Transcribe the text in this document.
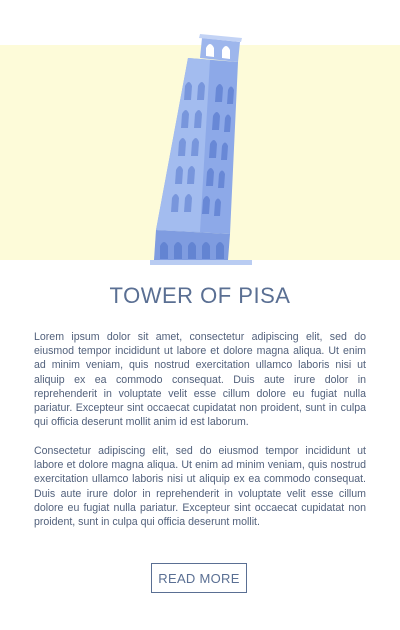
TOWER OF PISA

Lorem ipsum dolor sit amet, consectetur adipiscing elit, sed do eiusmod tempor incididunt ut labore et dolore magna aliqua. Ut enim ad minim veniam, quis nostrud exercitation ullamco laboris nisi ut aliquip ex ea commodo consequat. Duis aute irure dolor in reprehenderit in voluptate velit esse cillum dolore eu fugiat nulla pariatur. Excepteur sint occaecat cupidatat non proident, sunt in culpa qui officia deserunt mollit anim id est laborum.

Consectetur adipiscing elit, sed do eiusmod tempor incididunt ut labore et dolore magna aliqua. Ut enim ad minim veniam, quis nostrud exercitation ullamco laboris nisi ut aliquip ex ea commodo consequat. Duis aute irure dolor in reprehenderit in voluptate velit esse cillum dolore eu fugiat nulla pariatur. Excepteur sint occaecat cupidatat non proident, sunt in culpa qui officia deserunt mollit.

READ MORE
